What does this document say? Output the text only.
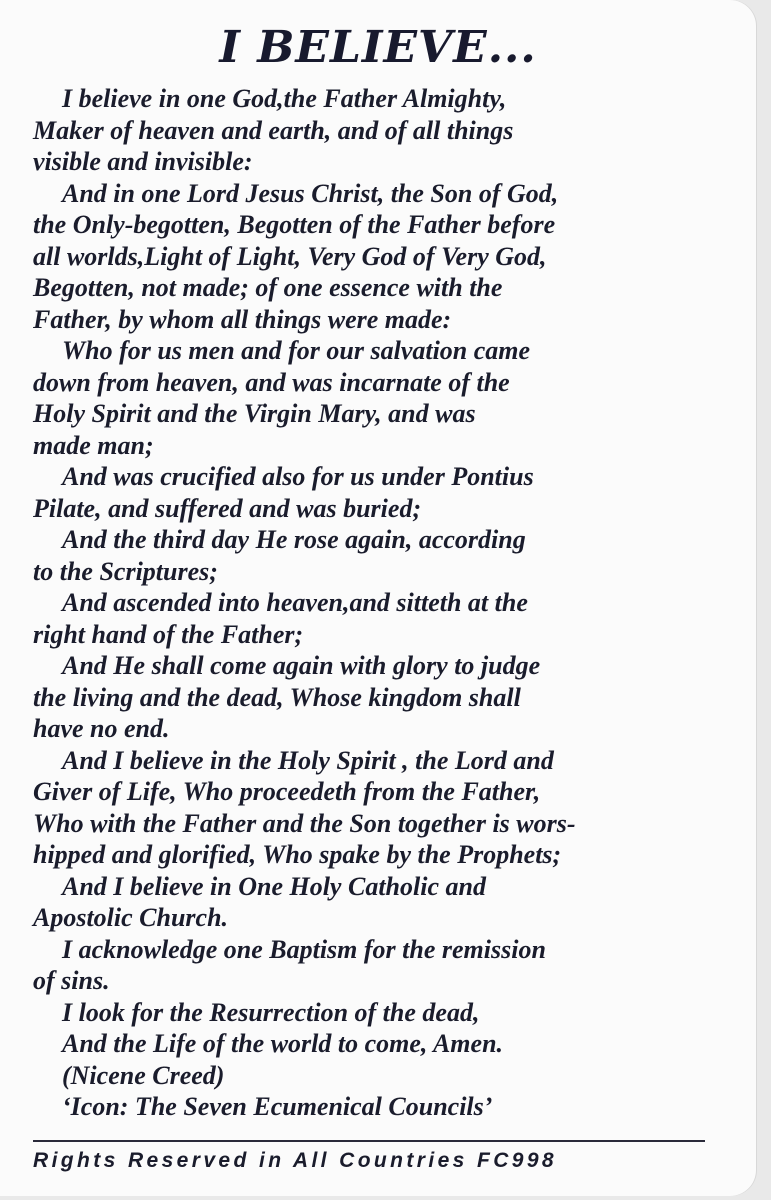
I BELIEVE...
I believe in one God,the Father Almighty,
Maker of heaven and earth, and of all things
visible and invisible:
And in one Lord Jesus Christ, the Son of God,
the Only-begotten, Begotten of the Father before
all worlds,Light of Light, Very God of Very God,
Begotten, not made; of one essence with the
Father, by whom all things were made:
Who for us men and for our salvation came
down from heaven, and was incarnate of the
Holy Spirit and the Virgin Mary, and was
made man;
And was crucified also for us under Pontius
Pilate, and suffered and was buried;
And the third day He rose again, according
to the Scriptures;
And ascended into heaven,and sitteth at the
right hand of the Father;
And He shall come again with glory to judge
the living and the dead, Whose kingdom shall
have no end.
And I believe in the Holy Spirit , the Lord and
Giver of Life, Who proceedeth from the Father,
Who with the Father and the Son together is wors-
hipped and glorified, Who spake by the Prophets;
And I believe in One Holy Catholic and
Apostolic Church.
I acknowledge one Baptism for the remission
of sins.
I look for the Resurrection of the dead,
And the Life of the world to come, Amen.
(Nicene Creed)
‘Icon: The Seven Ecumenical Councils’
Rights Reserved in All Countries FC998
